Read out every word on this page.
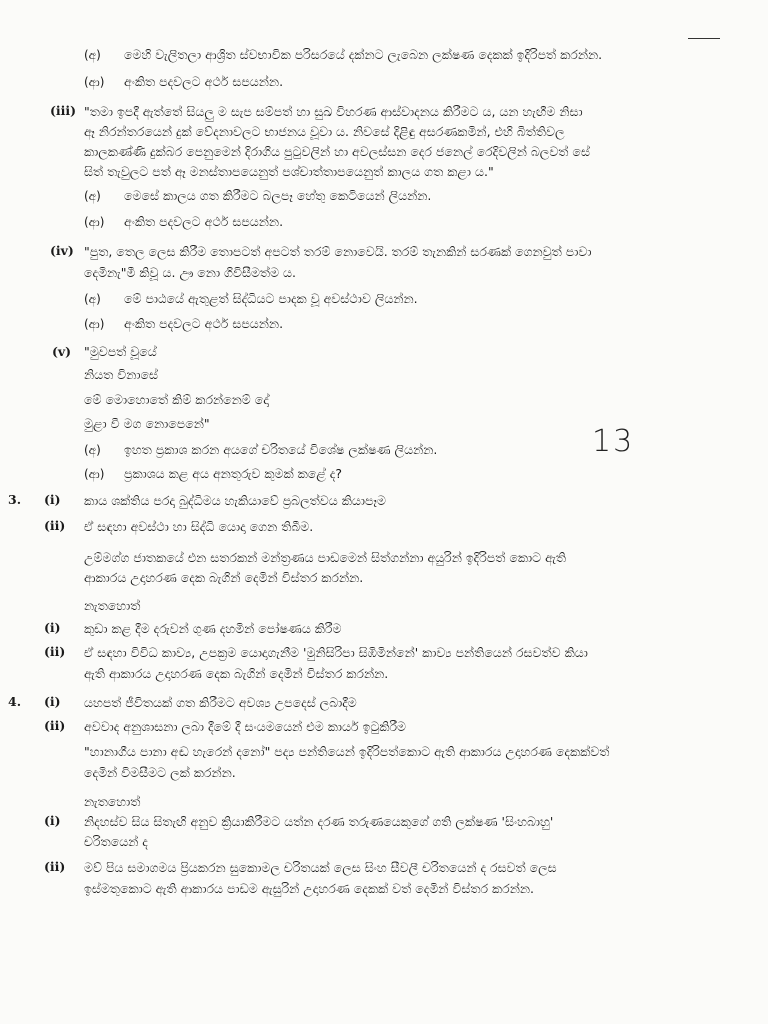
(අ) මෙහි වැලිතලා ආශ්‍රිත ස්වභාවික පරිසරයේ දක්නට ලැබෙන ලක්ෂණ දෙකක් ඉදිරිපත් කරන්න.
(ආ) අංකිත පදවලට අර්ථ සපයන්න.
(iii) "තමා ඉපදී ඇත්තේ සියලු ම සැප සම්පත් හා සුඛ විහරණ ආස්වාදනය කිරීමට ය, යන හැඟීම නිසා
ඈ නිරන්තරයෙන් දුක් වේදනාවලට භාජනය වූවා ය. නිවසේ දිළිඳු අසරණකමින්, එහි බිත්තිවල
කාලකණ්ණි දුක්බර පෙනුමෙන් දිරාගිය පුටුවලින් හා අවලස්සන දෙර ජනෙල් රෙදිවලින් බලවත් සේ
සිත් තැවුලට පත් ඈ මනස්තාපයෙනුත් පශ්චාත්තාපයෙනුත් කාලය ගත කළා ය."
(අ) මෙසේ කාලය ගත කිරීමට බලපෑ හේතු කෙටියෙන් ලියන්න.
(ආ) අංකිත පදවලට අර්ථ සපයන්න.
(iv) "පුත, තෙල ලෙස කිරීම තොපටත් අපටත් තරම් නොවෙයි. තරම් තැනකින් සරණක් ගෙනවුත් පාවා
දෙමිනැ"මී කිවූ ය. ඌ නො ගිවිසීමත්ම ය.
(අ) මේ පාඨයේ ඇතුළත් සිද්ධියට පාදක වූ අවස්ථාව ලියන්න.
(ආ) අංකිත පදවලට අර්ථ සපයන්න.
(v) "මුවපත් වූයේ
නියත විනාසේ
මේ මොහොතේ කිම් කරන්නෙම් දෝ
මුළා වී මග නොපෙනේ"
(අ) ඉහත ප්‍රකාශ කරන අයගේ චරිතයේ විශේෂ ලක්ෂණ ලියන්න.
(ආ) ප්‍රකාශය කළ අය අනතුරුව කුමක් කළේ ද?
13
3. (i) කාය ශක්තිය පරදා බුද්ධිමය හැකියාවේ ප්‍රබලත්වය කියාපෑම
(ii) ඒ සඳහා අවස්ථා හා සිද්ධි යොදා ගෙන තිබීම.
උම්මග්ග ජාතකයේ එන සතරකන් මන්ත්‍රණය පාඩමෙන් සිත්ගන්නා අයුරින් ඉදිරිපත් කොට ඇති
ආකාරය උදාහරණ දෙක බැගින් දෙමින් විස්තර කරන්න.
නැතහොත්
(i) කුඩා කළ දීම දරුවන් ගුණ දහමින් පෝෂණය කිරීම
(ii) ඒ සඳහා විවිධ කාව්‍ය, උපක්‍රම යොදාගැනීම 'මුනිසිරිපා සිඹිමින්නේ' කාව්‍ය පන්තියෙන් රසවත්ව කියා
ඇති ආකාරය උදාහරණ දෙක බැගින් දෙමින් විස්තර කරන්න.
4. (i) යහපත් ජීවිතයක් ගත කිරීමට අවශ්‍ය උපදෙස් ලබාදීම
(ii) අවවාද අනුශාසනා ලබා දීමේ දී සංයමයෙන් එම කාර්ය ඉටුකිරීම
"හානාගීය පානා අඬ හැරෙන් දනෝ" පද්‍ය පන්තියෙන් ඉදිරිපත්කොට ඇති ආකාරය උදාහරණ දෙකක්වත්
දෙමින් විමසීමට ලක් කරන්න.
නැතහොත්
(i) නිදහස්ව සිය සිතැඟි අනුව ක්‍රියාකිරීමට යත්න දරණ තරුණයෙකුගේ ගති ලක්ෂණ 'සිංහබාහු'
චරිතයෙන් ද
(ii) මව් පිය සමාගමය ප්‍රියකරන සුකොමල චරිතයක් ලෙස සිංහ සීවලී චරිතයෙන් ද රසවත් ලෙස
ඉස්මතුකොට ඇති ආකාරය පාඩම ඇසුරින් උදාහරණ දෙකක් වත් දෙමින් විස්තර කරන්න.
